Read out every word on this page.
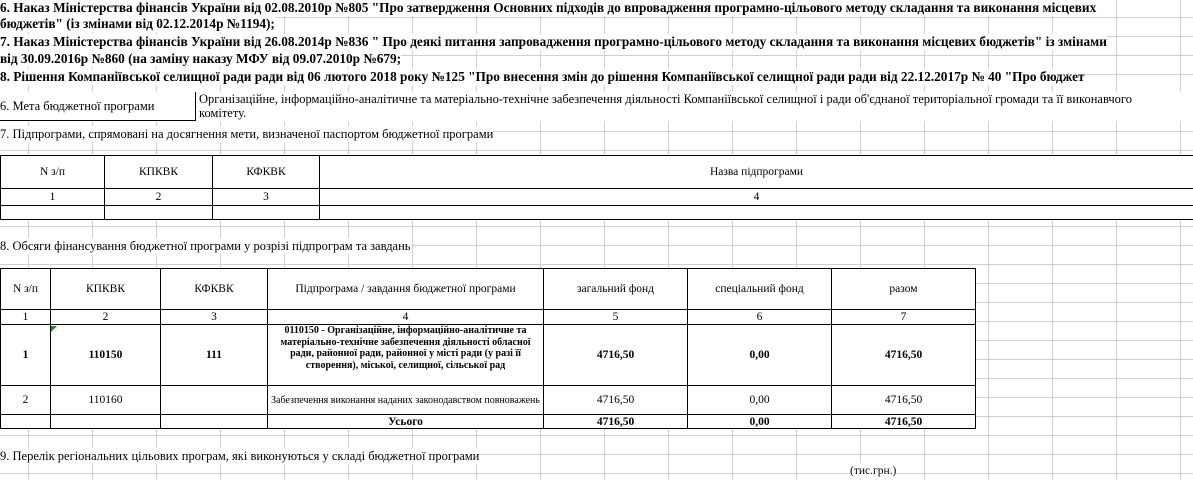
6. Наказ Міністерства фінансів України від 02.08.2010р №805 "Про затвердження Основних підходів до впровадження програмно-цільового методу складання та виконання місцевих
бюджетів" (із змінами від 02.12.2014р №1194);
7. Наказ Міністерства фінансів України від 26.08.2014р №836 " Про деякі питання запровадження програмно-цільового методу складання та виконання місцевих бюджетів" із змінами
від 30.09.2016р №860 (на заміну наказу МФУ від 09.07.2010р №679;
8. Рішення Компаніївської селищної ради ради від 06 лютого 2018 року №125 "Про внесення змін до рішення Компаніївської селищної ради ради від 22.12.2017р № 40 "Про бюджет
6. Мета бюджетної програми	Організаційне, інформаційно-аналітичне та матеріально-технічне забезпечення діяльності Компаніївської селищної і ради об'єднаної територіальної громади та її виконавчого комітету.
7. Підпрограми, спрямовані на досягнення мети, визначеної паспортом бюджетної програми
N з/п	КПКВК	КФКВК	Назва підпрограми
1	2	3	4

8. Обсяги фінансування бюджетної програми у розрізі підпрограм та завдань
N з/п	КПКВК	КФКВК	Підпрограма / завдання бюджетної програми	загальний фонд	спеціальний фонд	разом
1	2	3	4	5	6	7
1	110150	111	0110150 - Організаційне, інформаційно-аналітичне та матеріально-технічне забезпечення діяльності обласної ради, районної ради, районної у місті ради (у разі її створення), міської, селищної, сільської рад	4716,50	0,00	4716,50
2	110160		Забезпечення виконання наданих законодавством повноважень	4716,50	0,00	4716,50
			Усього	4716,50	0,00	4716,50
9. Перелік регіональних цільових програм, які виконуються у складі бюджетної програми
(тис.грн.)
